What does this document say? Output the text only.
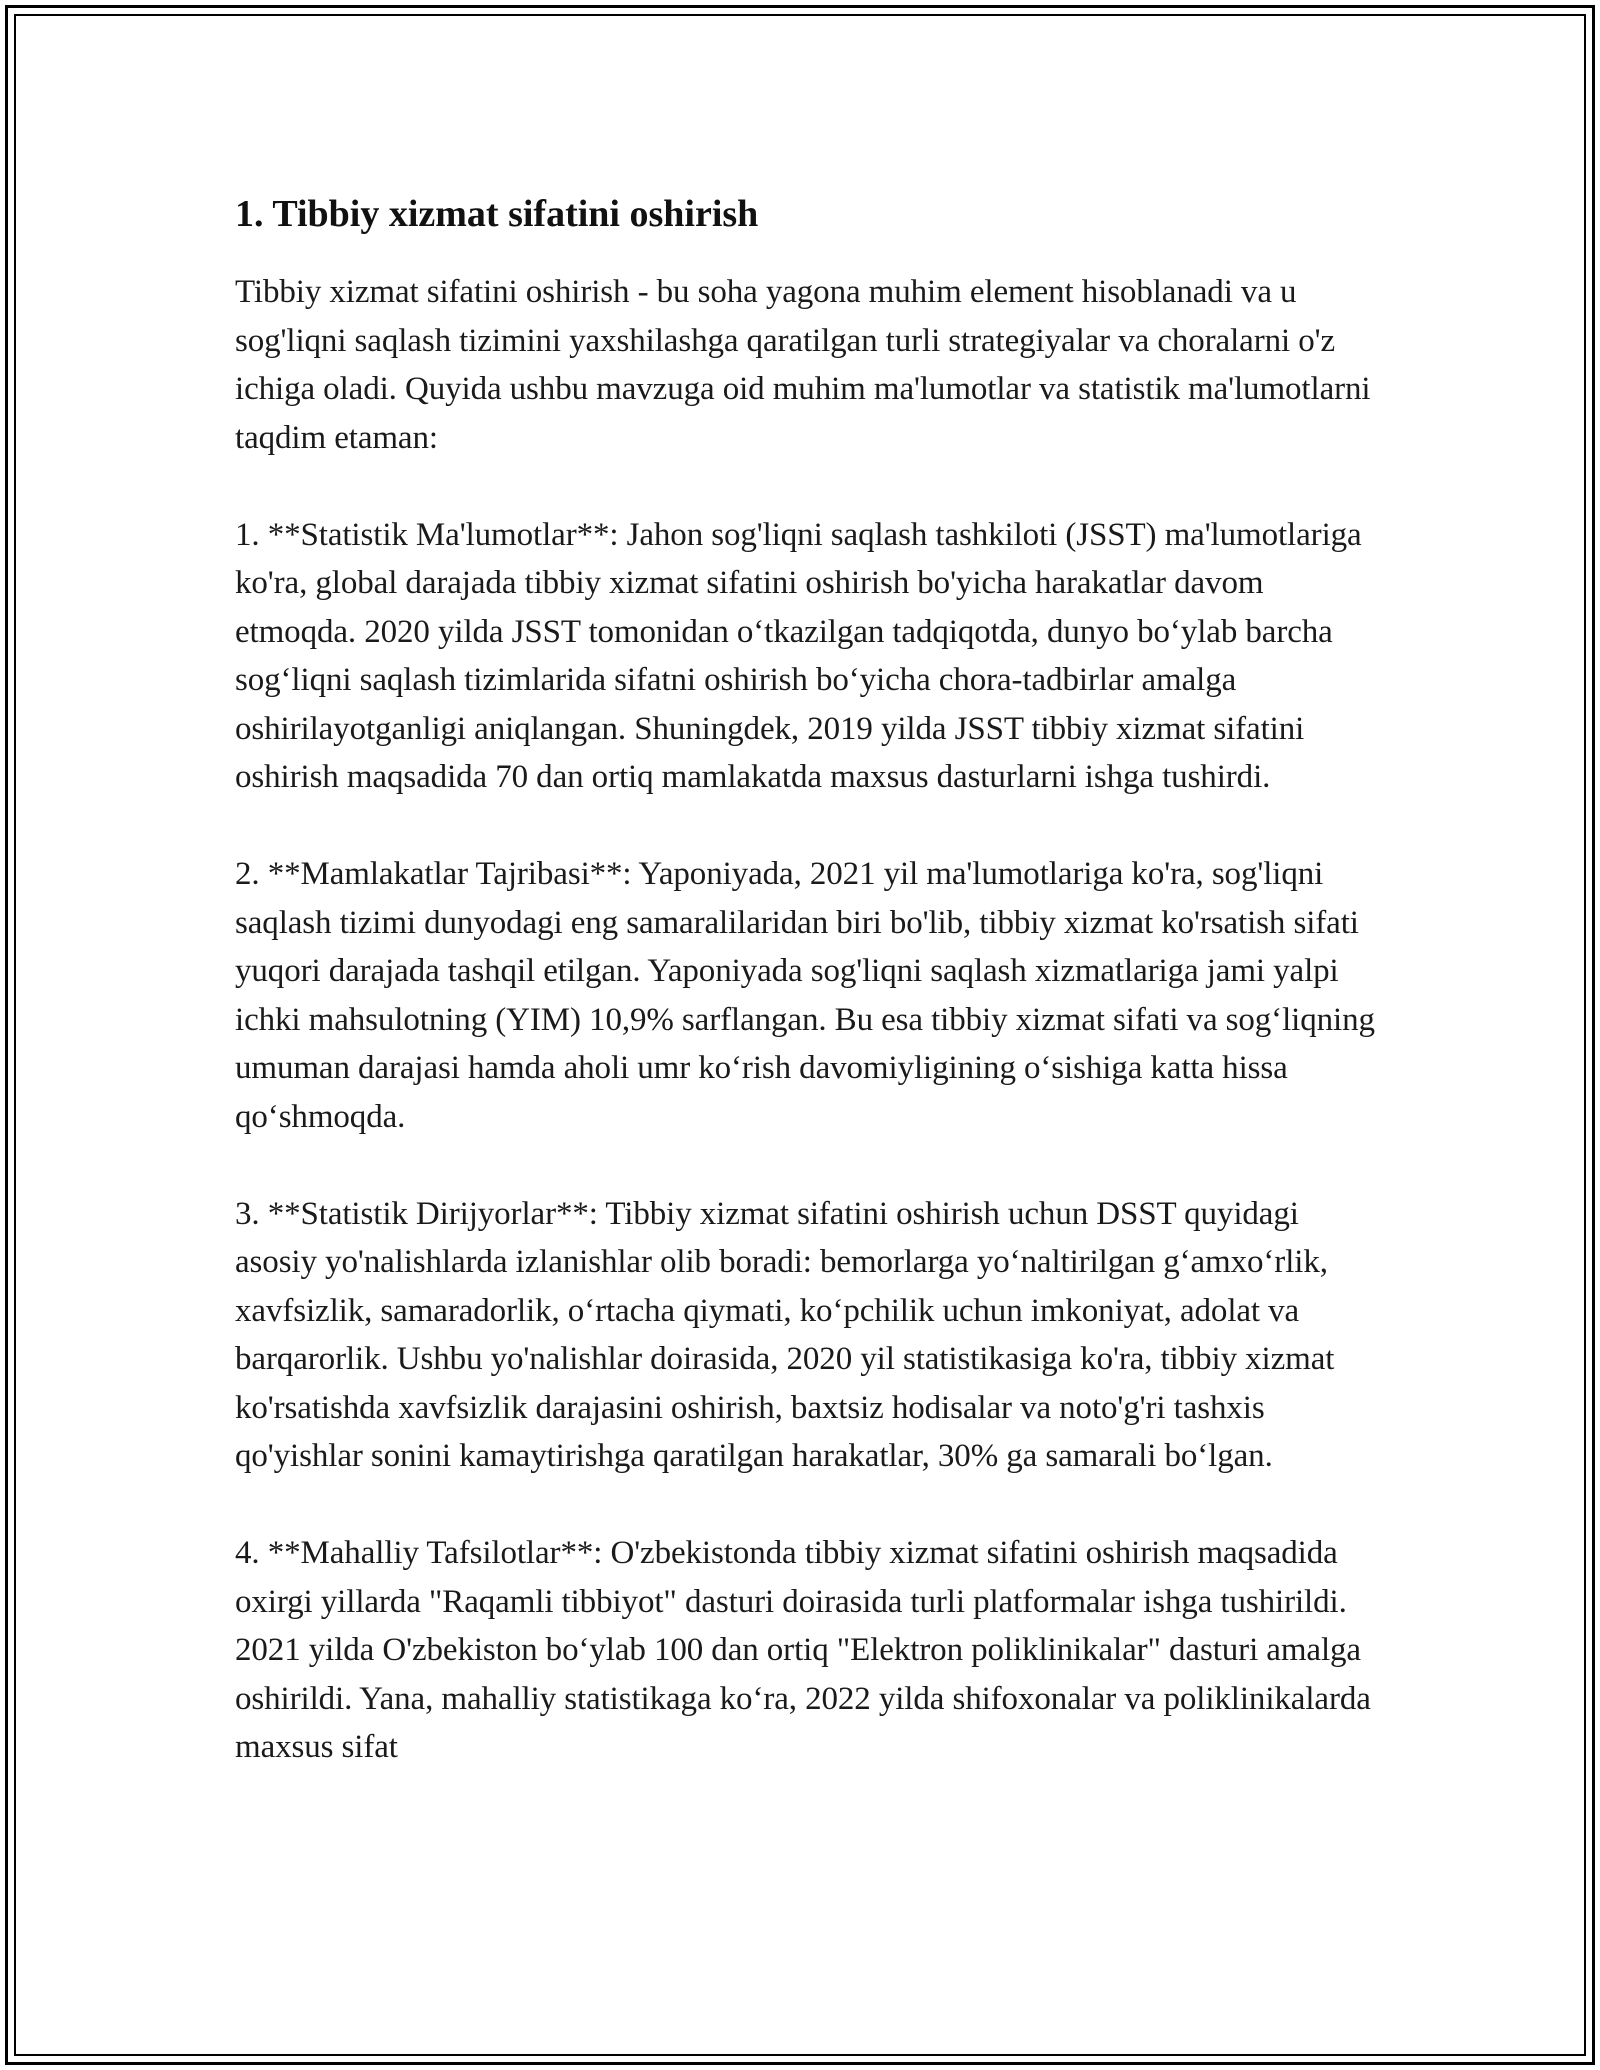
1. Tibbiy xizmat sifatini oshirish

Tibbiy xizmat sifatini oshirish - bu soha yagona muhim element hisoblanadi va u sog'liqni saqlash tizimini yaxshilashga qaratilgan turli strategiyalar va choralarni o'z ichiga oladi. Quyida ushbu mavzuga oid muhim ma'lumotlar va statistik ma'lumotlarni taqdim etaman:

1. **Statistik Ma'lumotlar**: Jahon sog'liqni saqlash tashkiloti (JSST) ma'lumotlariga ko'ra, global darajada tibbiy xizmat sifatini oshirish bo'yicha harakatlar davom etmoqda. 2020 yilda JSST tomonidan o‘tkazilgan tadqiqotda, dunyo bo‘ylab barcha sog‘liqni saqlash tizimlarida sifatni oshirish bo‘yicha chora-tadbirlar amalga oshirilayotganligi aniqlangan. Shuningdek, 2019 yilda JSST tibbiy xizmat sifatini oshirish maqsadida 70 dan ortiq mamlakatda maxsus dasturlarni ishga tushirdi.

2. **Mamlakatlar Tajribasi**: Yaponiyada, 2021 yil ma'lumotlariga ko'ra, sog'liqni saqlash tizimi dunyodagi eng samaralilaridan biri bo'lib, tibbiy xizmat ko'rsatish sifati yuqori darajada tashqil etilgan. Yaponiyada sog'liqni saqlash xizmatlariga jami yalpi ichki mahsulotning (YIM) 10,9% sarflangan. Bu esa tibbiy xizmat sifati va sog‘liqning umuman darajasi hamda aholi umr ko‘rish davomiyligining o‘sishiga katta hissa qo‘shmoqda.

3. **Statistik Dirijyorlar**: Tibbiy xizmat sifatini oshirish uchun DSST quyidagi asosiy yo'nalishlarda izlanishlar olib boradi: bemorlarga yo‘naltirilgan g‘amxo‘rlik, xavfsizlik, samaradorlik, o‘rtacha qiymati, ko‘pchilik uchun imkoniyat, adolat va barqarorlik. Ushbu yo'nalishlar doirasida, 2020 yil statistikasiga ko'ra, tibbiy xizmat ko'rsatishda xavfsizlik darajasini oshirish, baxtsiz hodisalar va noto'g'ri tashxis qo'yishlar sonini kamaytirishga qaratilgan harakatlar, 30% ga samarali bo‘lgan.

4. **Mahalliy Tafsilotlar**: O'zbekistonda tibbiy xizmat sifatini oshirish maqsadida oxirgi yillarda "Raqamli tibbiyot" dasturi doirasida turli platformalar ishga tushirildi. 2021 yilda O'zbekiston bo‘ylab 100 dan ortiq "Elektron poliklinikalar" dasturi amalga oshirildi. Yana, mahalliy statistikaga ko‘ra, 2022 yilda shifoxonalar va poliklinikalarda maxsus sifat
